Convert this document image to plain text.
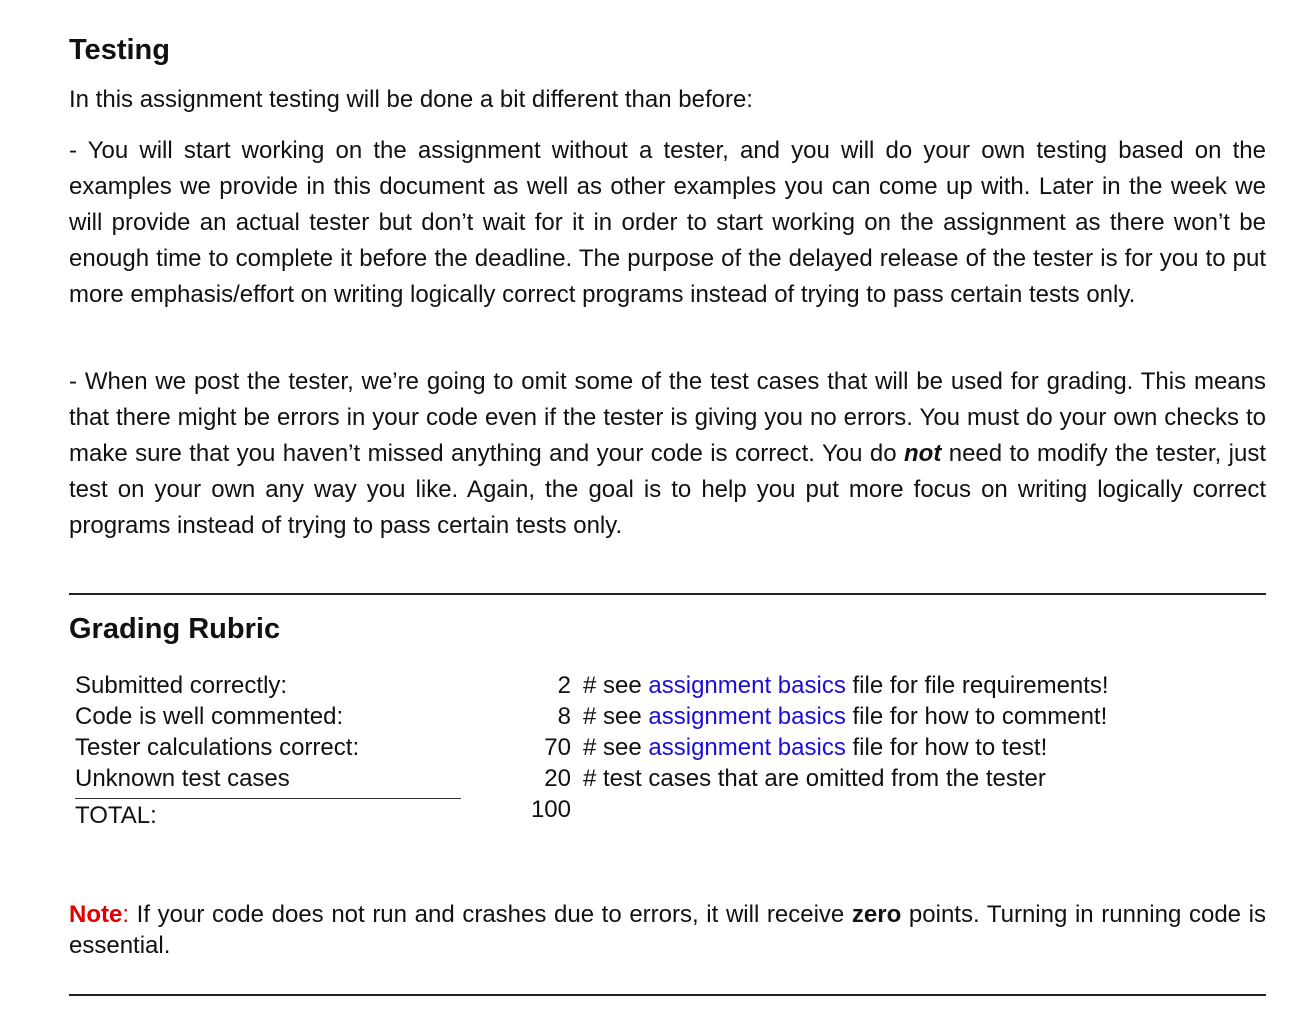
Testing

In this assignment testing will be done a bit different than before:

- You will start working on the assignment without a tester, and you will do your own testing based on the examples we provide in this document as well as other examples you can come up with. Later in the week we will provide an actual tester but don’t wait for it in order to start working on the assignment as there won’t be enough time to complete it before the deadline. The purpose of the delayed release of the tester is for you to put more emphasis/effort on writing logically correct programs instead of trying to pass certain tests only.

- When we post the tester, we’re going to omit some of the test cases that will be used for grading. This means that there might be errors in your code even if the tester is giving you no errors. You must do your own checks to make sure that you haven’t missed anything and your code is correct. You do not need to modify the tester, just test on your own any way you like. Again, the goal is to help you put more focus on writing logically correct programs instead of trying to pass certain tests only.

Grading Rubric
Submitted correctly:	2 # see assignment basics file for file requirements!
Code is well commented:	8 # see assignment basics file for how to comment!
Tester calculations correct:	70 # see assignment basics file for how to test!
Unknown test cases	20 # test cases that are omitted from the tester
TOTAL:	100

Note: If your code does not run and crashes due to errors, it will receive zero points. Turning in running code is essential.
